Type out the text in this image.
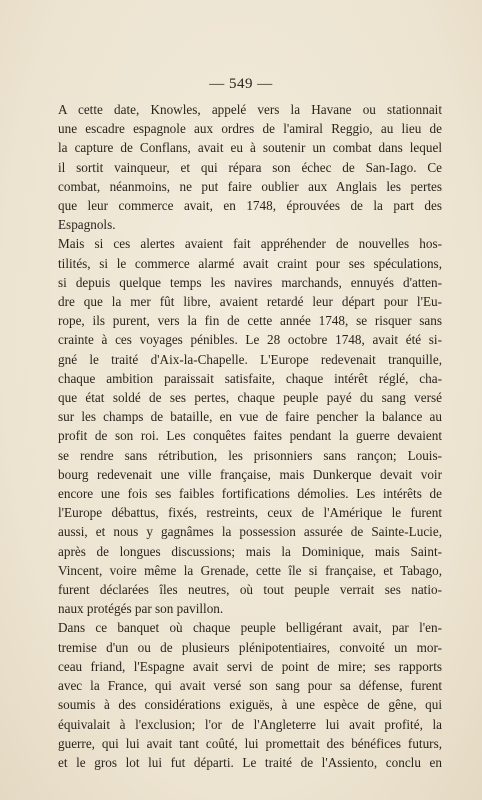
— 549 —
A cette date, Knowles, appelé vers la Havane ou stationnait
une escadre espagnole aux ordres de l'amiral Reggio, au lieu de
la capture de Conflans, avait eu à soutenir un combat dans lequel
il sortit vainqueur, et qui répara son échec de San-Iago. Ce
combat, néanmoins, ne put faire oublier aux Anglais les pertes
que leur commerce avait, en 1748, éprouvées de la part des
Espagnols.
Mais si ces alertes avaient fait appréhender de nouvelles hos-
tilités, si le commerce alarmé avait craint pour ses spéculations,
si depuis quelque temps les navires marchands, ennuyés d'atten-
dre que la mer fût libre, avaient retardé leur départ pour l'Eu-
rope, ils purent, vers la fin de cette année 1748, se risquer sans
crainte à ces voyages pénibles. Le 28 octobre 1748, avait été si-
gné le traité d'Aix-la-Chapelle. L'Europe redevenait tranquille,
chaque ambition paraissait satisfaite, chaque intérêt réglé, cha-
que état soldé de ses pertes, chaque peuple payé du sang versé
sur les champs de bataille, en vue de faire pencher la balance au
profit de son roi. Les conquêtes faites pendant la guerre devaient
se rendre sans rétribution, les prisonniers sans rançon; Louis-
bourg redevenait une ville française, mais Dunkerque devait voir
encore une fois ses faibles fortifications démolies. Les intérêts de
l'Europe débattus, fixés, restreints, ceux de l'Amérique le furent
aussi, et nous y gagnâmes la possession assurée de Sainte-Lucie,
après de longues discussions; mais la Dominique, mais Saint-
Vincent, voire même la Grenade, cette île si française, et Tabago,
furent déclarées îles neutres, où tout peuple verrait ses natio-
naux protégés par son pavillon.
Dans ce banquet où chaque peuple belligérant avait, par l'en-
tremise d'un ou de plusieurs plénipotentiaires, convoité un mor-
ceau friand, l'Espagne avait servi de point de mire; ses rapports
avec la France, qui avait versé son sang pour sa défense, furent
soumis à des considérations exiguës, à une espèce de gêne, qui
équivalait à l'exclusion; l'or de l'Angleterre lui avait profité, la
guerre, qui lui avait tant coûté, lui promettait des bénéfices futurs,
et le gros lot lui fut départi. Le traité de l'Assiento, conclu en
